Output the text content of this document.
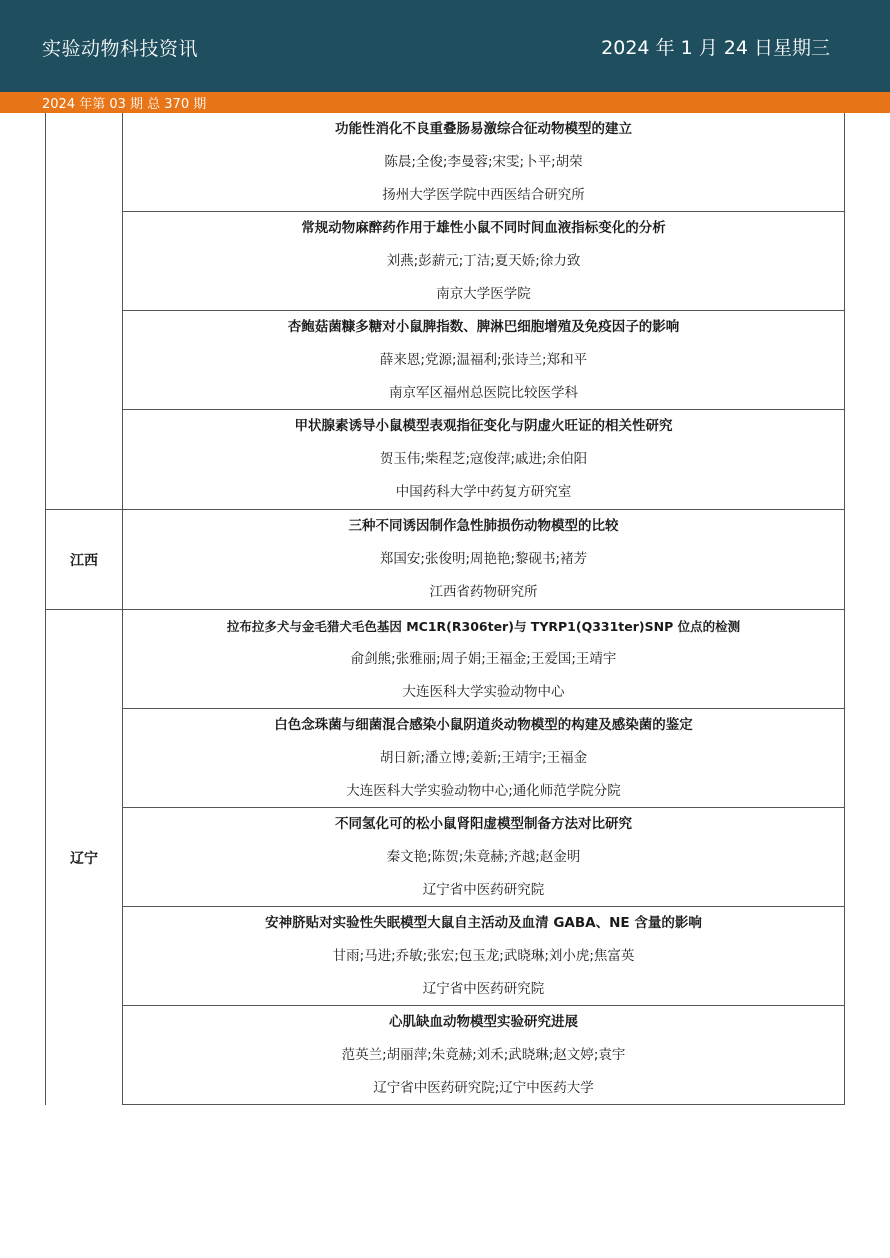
实验动物科技资讯	2024 年 1 月 24 日星期三
2024 年第 03 期 总 370 期
功能性消化不良重叠肠易激综合征动物模型的建立
陈晨;全俊;李曼蓉;宋雯;卜平;胡荣
扬州大学医学院中西医结合研究所
常规动物麻醉药作用于雄性小鼠不同时间血液指标变化的分析
刘燕;彭薪元;丁洁;夏天娇;徐力致
南京大学医学院
杏鲍菇菌糠多糖对小鼠脾指数、脾淋巴细胞增殖及免疫因子的影响
薛来恩;党源;温福利;张诗兰;郑和平
南京军区福州总医院比较医学科
甲状腺素诱导小鼠模型表观指征变化与阴虚火旺证的相关性研究
贺玉伟;柴程芝;寇俊萍;戚进;余伯阳
中国药科大学中药复方研究室
江西
三种不同诱因制作急性肺损伤动物模型的比较
郑国安;张俊明;周艳艳;黎砚书;褚芳
江西省药物研究所
辽宁
拉布拉多犬与金毛猎犬毛色基因 MC1R(R306ter)与 TYRP1(Q331ter)SNP 位点的检测
俞剑熊;张雅丽;周子娟;王福金;王爱国;王靖宇
大连医科大学实验动物中心
白色念珠菌与细菌混合感染小鼠阴道炎动物模型的构建及感染菌的鉴定
胡日新;潘立博;姜新;王靖宇;王福金
大连医科大学实验动物中心;通化师范学院分院
不同氢化可的松小鼠肾阳虚模型制备方法对比研究
秦文艳;陈贺;朱竟赫;齐越;赵金明
辽宁省中医药研究院
安神脐贴对实验性失眠模型大鼠自主活动及血清 GABA、NE 含量的影响
甘雨;马进;乔敏;张宏;包玉龙;武晓琳;刘小虎;焦富英
辽宁省中医药研究院
心肌缺血动物模型实验研究进展
范英兰;胡丽萍;朱竟赫;刘禾;武晓琳;赵文婷;袁宇
辽宁省中医药研究院;辽宁中医药大学
